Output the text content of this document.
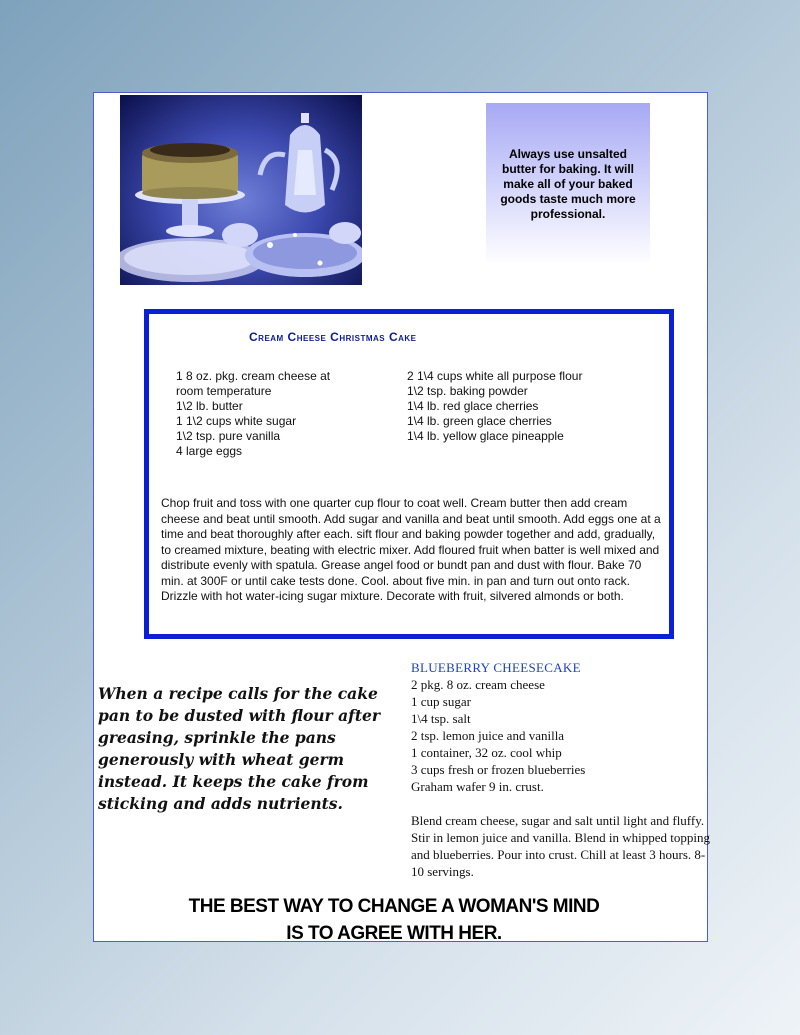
Always use unsalted butter for baking. It will make all of your baked goods taste much more professional.
Cream Cheese Christmas Cake
1 8 oz. pkg. cream cheese at
room temperature
1\2 lb. butter
1 1\2 cups white sugar
1\2 tsp. pure vanilla
4 large eggs
2 1\4 cups white all purpose flour
1\2 tsp. baking powder
1\4 lb. red glace cherries
1\4 lb. green glace cherries
1\4 lb. yellow glace pineapple
Chop fruit and toss with one quarter cup flour to coat well. Cream butter then add cream cheese and beat until smooth. Add sugar and vanilla and beat until smooth. Add eggs one at a time and beat thoroughly after each. sift flour and baking powder together and add, gradually, to creamed mixture, beating with electric mixer. Add floured fruit when batter is well mixed and distribute evenly with spatula. Grease angel food or bundt pan and dust with flour. Bake 70 min. at 300F or until cake tests done. Cool. about five min. in pan and turn out onto rack. Drizzle with hot water-icing sugar mixture. Decorate with fruit, silvered almonds or both.
When a recipe calls for the cake pan to be dusted with flour after greasing, sprinkle the pans generously with wheat germ instead. It keeps the cake from sticking and adds nutrients.
BLUEBERRY CHEESECAKE
2 pkg. 8 oz. cream cheese
1 cup sugar
1\4 tsp. salt
2 tsp. lemon juice and vanilla
1 container, 32 oz. cool whip
3 cups fresh or frozen blueberries
Graham wafer 9 in. crust.
Blend cream cheese, sugar and salt until light and fluffy. Stir in lemon juice and vanilla. Blend in whipped topping and blueberries. Pour into crust. Chill at least 3 hours. 8-10 servings.
THE BEST WAY TO CHANGE A WOMAN'S MIND
IS TO AGREE WITH HER.
